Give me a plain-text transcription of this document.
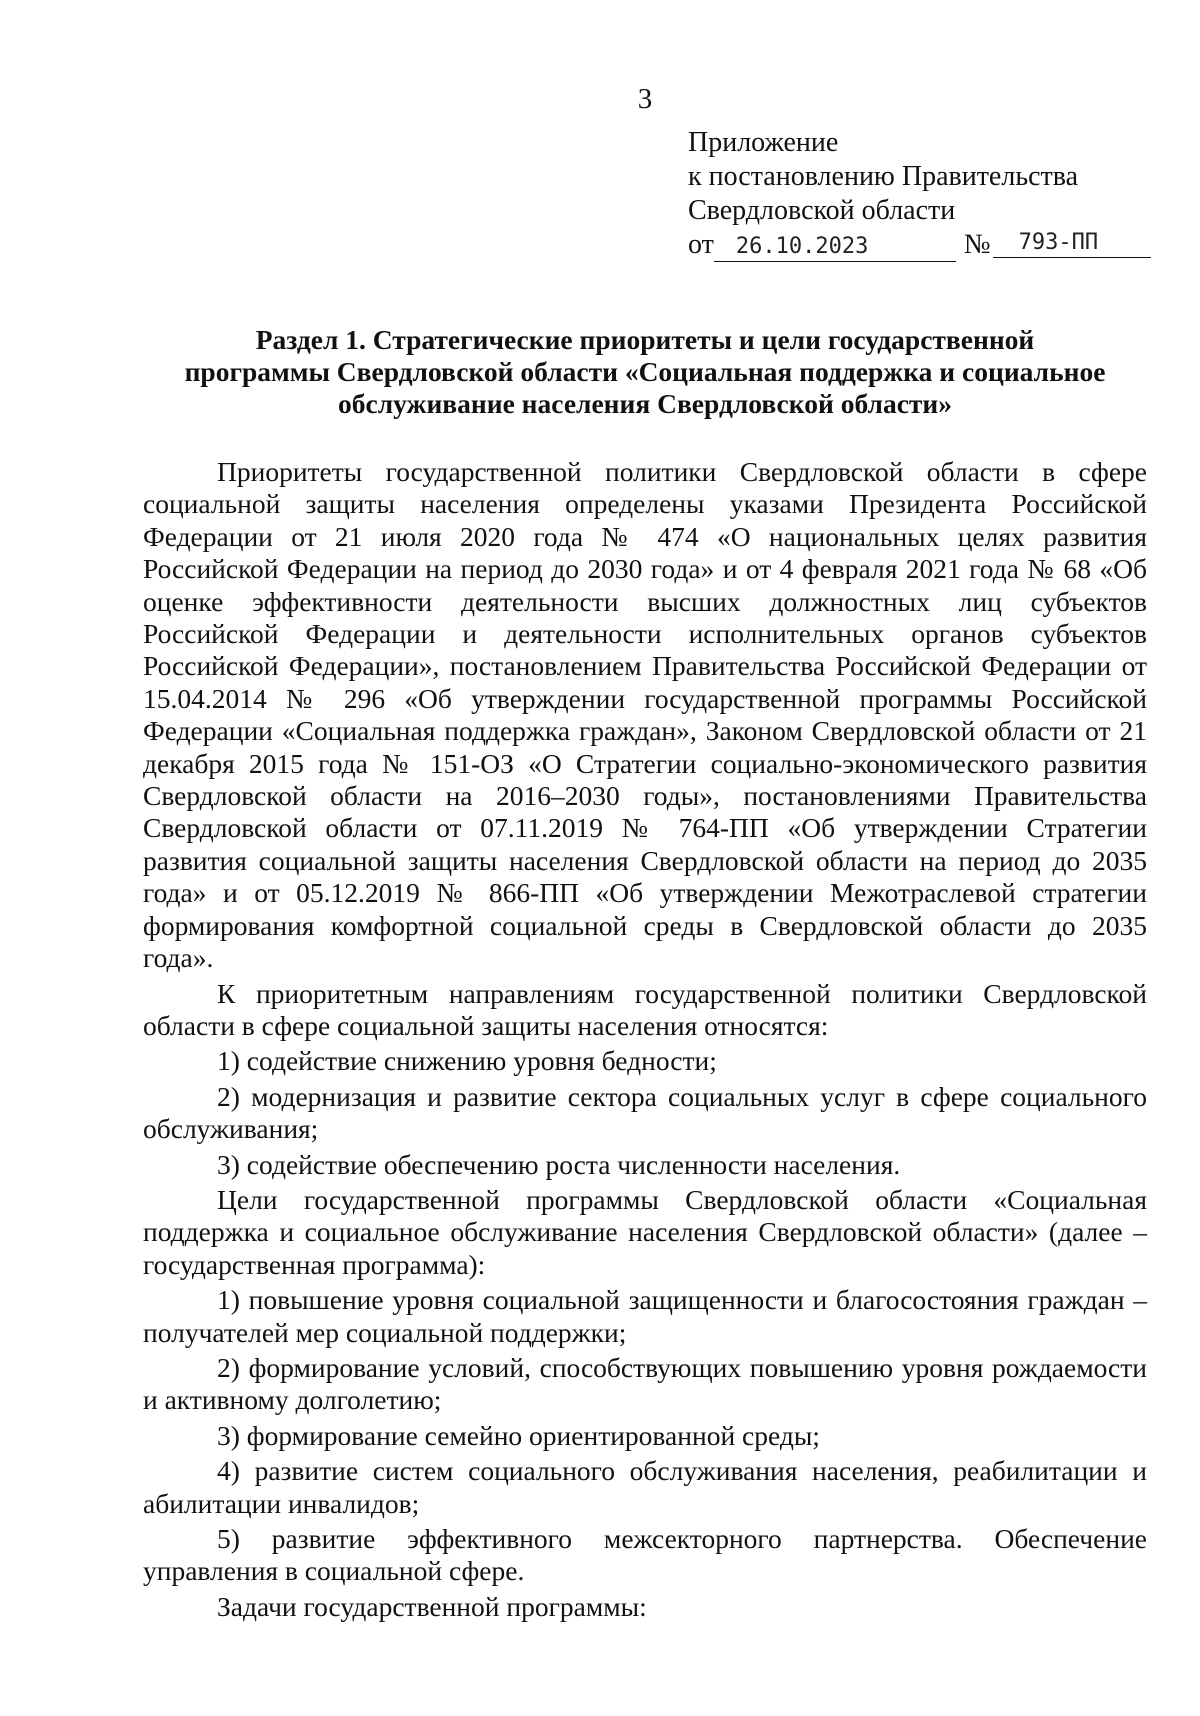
3
Приложение
к постановлению Правительства
Свердловской области
от	26.10.2023	№	793-ПП
Раздел 1. Стратегические приоритеты и цели государственной
программы Свердловской области «Социальная поддержка и социальное
обслуживание населения Свердловской области»

Приоритеты государственной политики Свердловской области в сфере социальной защиты населения определены указами Президента Российской Федерации от 21 июля 2020 года № 474 «О национальных целях развития Российской Федерации на период до 2030 года» и от 4 февраля 2021 года № 68 «Об оценке эффективности деятельности высших должностных лиц субъектов Российской Федерации и деятельности исполнительных органов субъектов Российской Федерации», постановлением Правительства Российской Федерации от 15.04.2014 № 296 «Об утверждении государственной программы Российской Федерации «Социальная поддержка граждан», Законом Свердловской области от 21 декабря 2015 года № 151-ОЗ «О Стратегии социально-экономического развития Свердловской области на 2016–2030 годы», постановлениями Правительства Свердловской области от 07.11.2019 № 764-ПП «Об утверждении Стратегии развития социальной защиты населения Свердловской области на период до 2035 года» и от 05.12.2019 № 866-ПП «Об утверждении Межотраслевой стратегии формирования комфортной социальной среды в Свердловской области до 2035 года».

К приоритетным направлениям государственной политики Свердловской области в сфере социальной защиты населения относятся:

1) содействие снижению уровня бедности;

2) модернизация и развитие сектора социальных услуг в сфере социального обслуживания;

3) содействие обеспечению роста численности населения.

Цели государственной программы Свердловской области «Социальная поддержка и социальное обслуживание населения Свердловской области» (далее – государственная программа):

1) повышение уровня социальной защищенности и благосостояния граждан – получателей мер социальной поддержки;

2) формирование условий, способствующих повышению уровня рождаемости и активному долголетию;

3) формирование семейно ориентированной среды;

4) развитие систем социального обслуживания населения, реабилитации и абилитации инвалидов;

5) развитие эффективного межсекторного партнерства. Обеспечение управления в социальной сфере.

Задачи государственной программы:
